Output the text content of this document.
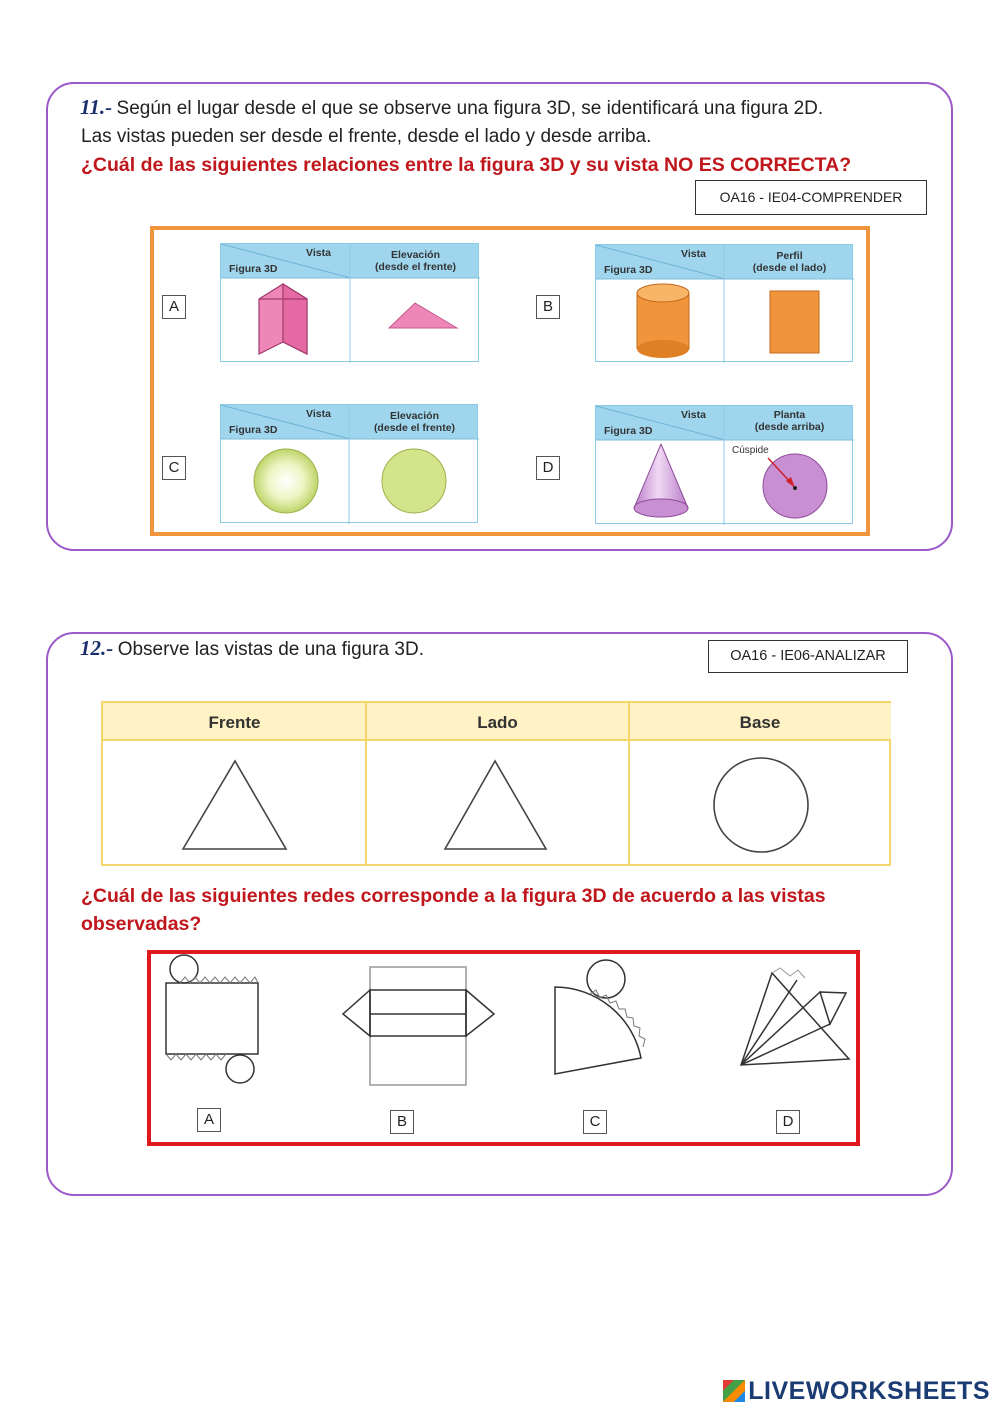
11.- Según el lugar desde el que se observe una figura 3D, se identificará una figura 2D.
Las vistas pueden ser desde el frente, desde el lado y desde arriba.
¿Cuál de las siguientes relaciones entre la figura 3D y su vista NO ES CORRECTA?
OA16 - IE04-COMPRENDER
A
Vista
Figura 3D
Elevación
(desde el frente)
B
Vista
Figura 3D
Perfil
(desde el lado)
C
Vista
Figura 3D
Elevación
(desde el frente)
D
Vista
Figura 3D
Planta
(desde arriba)
Cúspide
12.- Observe las vistas de una figura 3D.	OA16 - IE06-ANALIZAR
Frente	Lado	Base
¿Cuál de las siguientes redes corresponde a la figura 3D de acuerdo a las vistas
observadas?
A	B	C	D
LIVEWORKSHEETS
